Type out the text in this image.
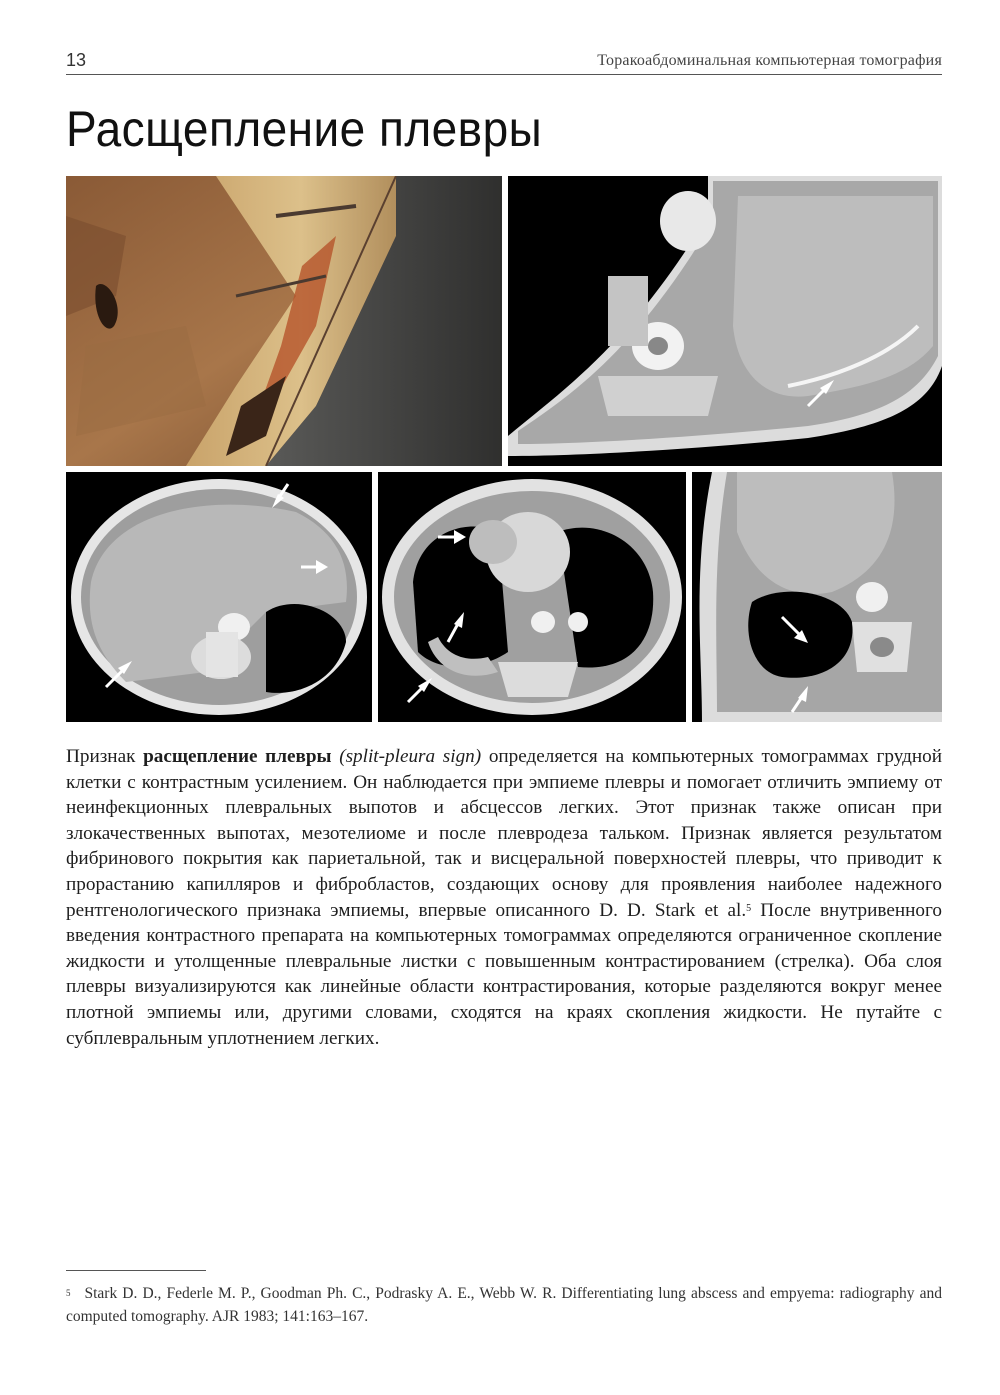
13	Торакоабдоминальная компьютерная томография
Расщепление плевры
Признак расщепление плевры (split-pleura sign) определяется на компьютерных томограммах грудной клетки с контрастным усилением. Он наблюдается при эмпиеме плевры и помогает отличить эмпиему от неинфекционных плевральных выпотов и абсцессов легких. Этот признак также описан при злокачественных выпотах, мезотелиоме и после плевродеза тальком. Признак является результатом фибринового покрытия как париетальной, так и висцеральной поверхностей плевры, что приводит к прорастанию капилляров и фибробластов, создающих основу для проявления наиболее надежного рентгенологического признака эмпиемы, впервые описанного D. D. Stark et al.$^5$ После внутривенного введения контрастного препарата на компьютерных томограммах определяются ограниченное скопление жидкости и утолщенные плевральные листки с повышенным контрастированием (стрелка). Оба слоя плевры визуализируются как линейные области контрастирования, которые разделяются вокруг менее плотной эмпиемы или, другими словами, сходятся на краях скопления жидкости. Не путайте с субплевральным уплотнением легких.
$^5$ Stark D. D., Federle M. P., Goodman Ph. C., Podrasky A. E., Webb W. R. Differentiating lung abscess and empyema: radiography and computed tomography. AJR 1983; 141:163–167.
